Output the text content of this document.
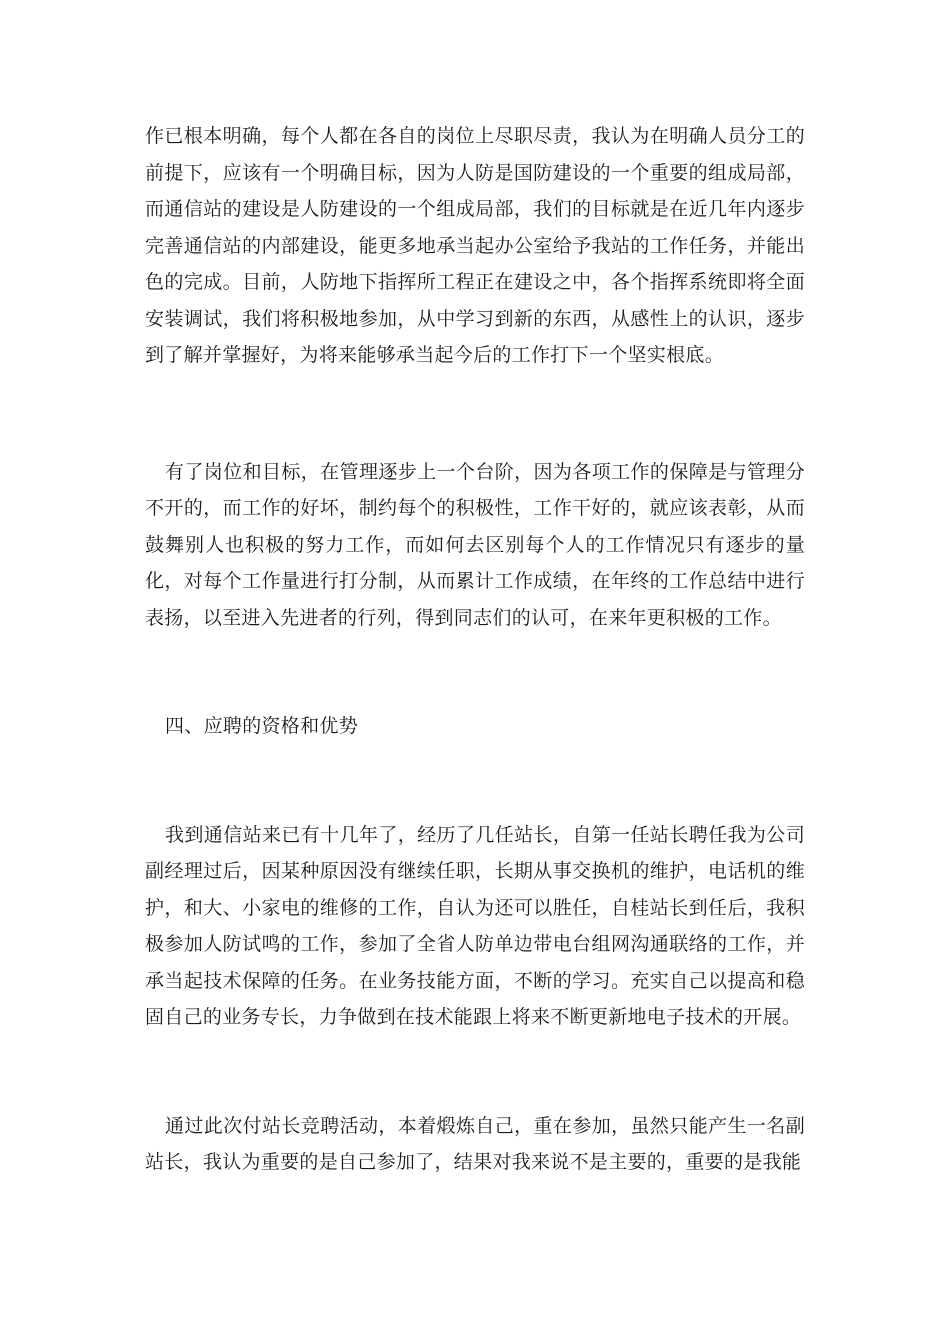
作已根本明确，每个人都在各自的岗位上尽职尽责，我认为在明确人员分工的前提下，应该有一个明确目标，因为人防是国防建设的一个重要的组成局部，而通信站的建设是人防建设的一个组成局部，我们的目标就是在近几年内逐步完善通信站的内部建设，能更多地承当起办公室给予我站的工作任务，并能出色的完成。目前，人防地下指挥所工程正在建设之中，各个指挥系统即将全面安装调试，我们将积极地参加，从中学习到新的东西，从感性上的认识，逐步到了解并掌握好，为将来能够承当起今后的工作打下一个坚实根底。

有了岗位和目标，在管理逐步上一个台阶，因为各项工作的保障是与管理分不开的，而工作的好坏，制约每个的积极性，工作干好的，就应该表彰，从而鼓舞别人也积极的努力工作，而如何去区别每个人的工作情况只有逐步的量化，对每个工作量进行打分制，从而累计工作成绩，在年终的工作总结中进行表扬，以至进入先进者的行列，得到同志们的认可，在来年更积极的工作。

四、应聘的资格和优势

我到通信站来已有十几年了，经历了几任站长，自第一任站长聘任我为公司副经理过后，因某种原因没有继续任职，长期从事交换机的维护，电话机的维护，和大、小家电的维修的工作，自认为还可以胜任，自桂站长到任后，我积极参加人防试鸣的工作，参加了全省人防单边带电台组网沟通联络的工作，并承当起技术保障的任务。在业务技能方面，不断的学习。充实自己以提高和稳固自己的业务专长，力争做到在技术能跟上将来不断更新地电子技术的开展。

通过此次付站长竞聘活动，本着煅炼自己，重在参加，虽然只能产生一名副站长，我认为重要的是自己参加了，结果对我来说不是主要的，重要的是我能
